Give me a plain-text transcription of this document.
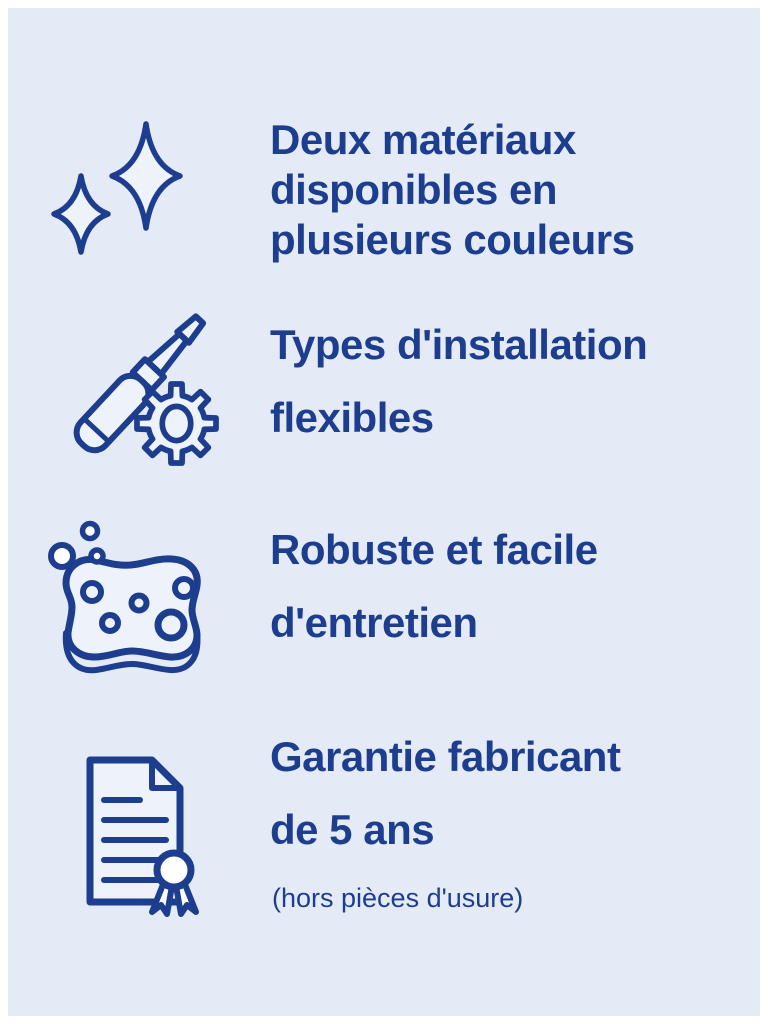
Deux matériaux
disponibles en
plusieurs couleurs
Types d'installation
flexibles
Robuste et facile
d'entretien
Garantie fabricant
de 5 ans
(hors pièces d'usure)
